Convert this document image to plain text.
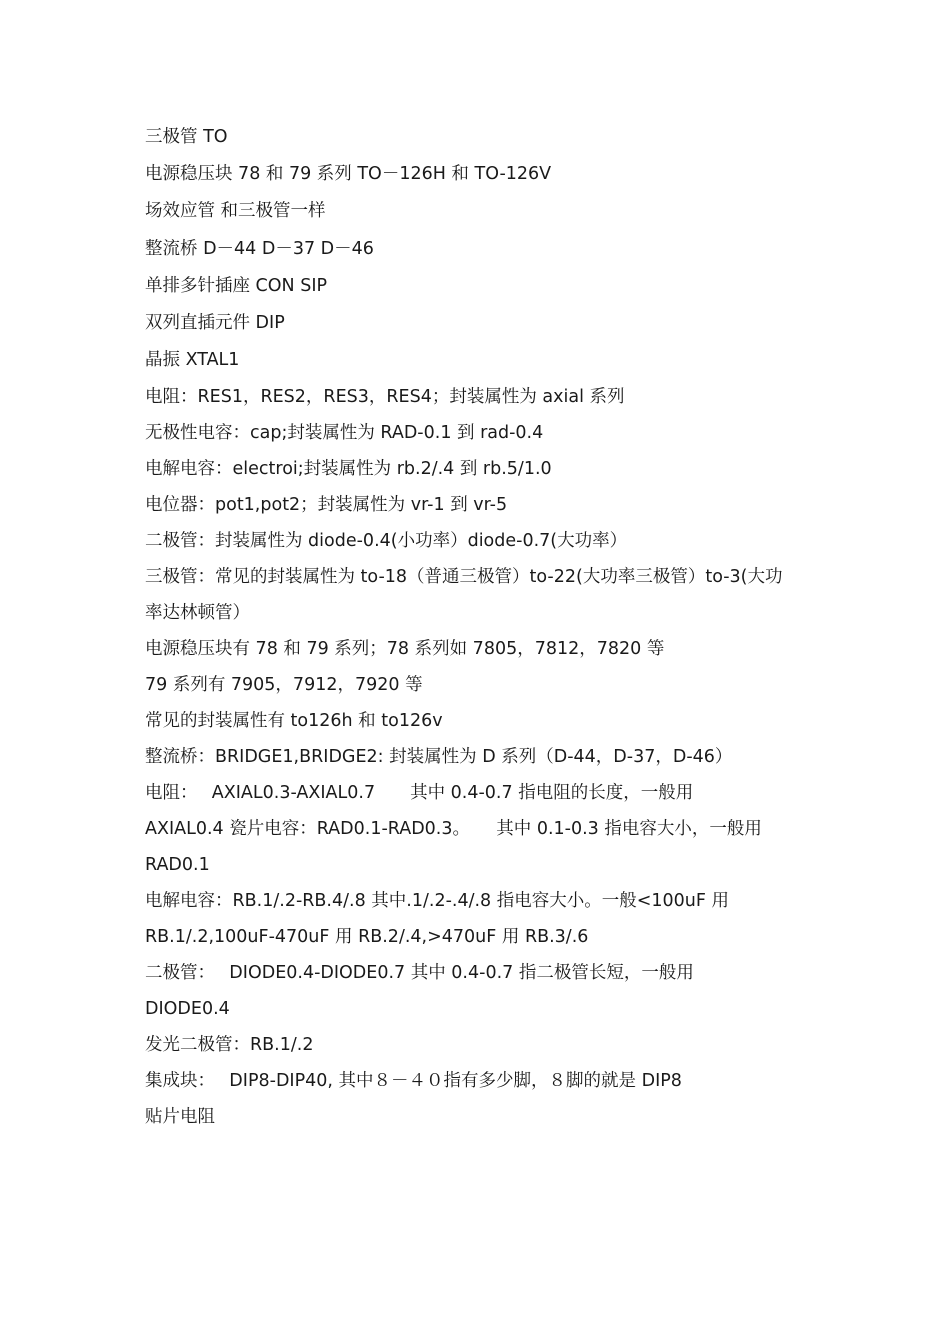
三极管 TO
电源稳压块 78 和 79 系列 TO－126H 和 TO-126V
场效应管 和三极管一样
整流桥 D－44 D－37 D－46
单排多针插座 CON SIP
双列直插元件 DIP
晶振 XTAL1
电阻：RES1，RES2，RES3，RES4；封装属性为 axial 系列
无极性电容：cap;封装属性为 RAD-0.1 到 rad-0.4
电解电容：electroi;封装属性为 rb.2/.4 到 rb.5/1.0
电位器：pot1,pot2；封装属性为 vr-1 到 vr-5
二极管：封装属性为 diode-0.4(小功率）diode-0.7(大功率）
三极管：常见的封装属性为 to-18（普通三极管）to-22(大功率三极管）to-3(大功
率达林顿管）
电源稳压块有 78 和 79 系列；78 系列如 7805，7812，7820 等
79 系列有 7905，7912，7920 等
常见的封装属性有 to126h 和 to126v
整流桥：BRIDGE1,BRIDGE2: 封装属性为 D 系列（D-44，D-37，D-46）
电阻：　 AXIAL0.3-AXIAL0.7　　其中 0.4-0.7 指电阻的长度，一般用
AXIAL0.4 瓷片电容：RAD0.1-RAD0.3。　　其中 0.1-0.3 指电容大小，一般用
RAD0.1
电解电容：RB.1/.2-RB.4/.8 其中.1/.2-.4/.8 指电容大小。一般<100uF 用
RB.1/.2,100uF-470uF 用 RB.2/.4,>470uF 用 RB.3/.6
二极管：　 DIODE0.4-DIODE0.7 其中 0.4-0.7 指二极管长短，一般用
DIODE0.4
发光二极管：RB.1/.2
集成块：　 DIP8-DIP40, 其中８－４０指有多少脚，８脚的就是 DIP8
贴片电阻
